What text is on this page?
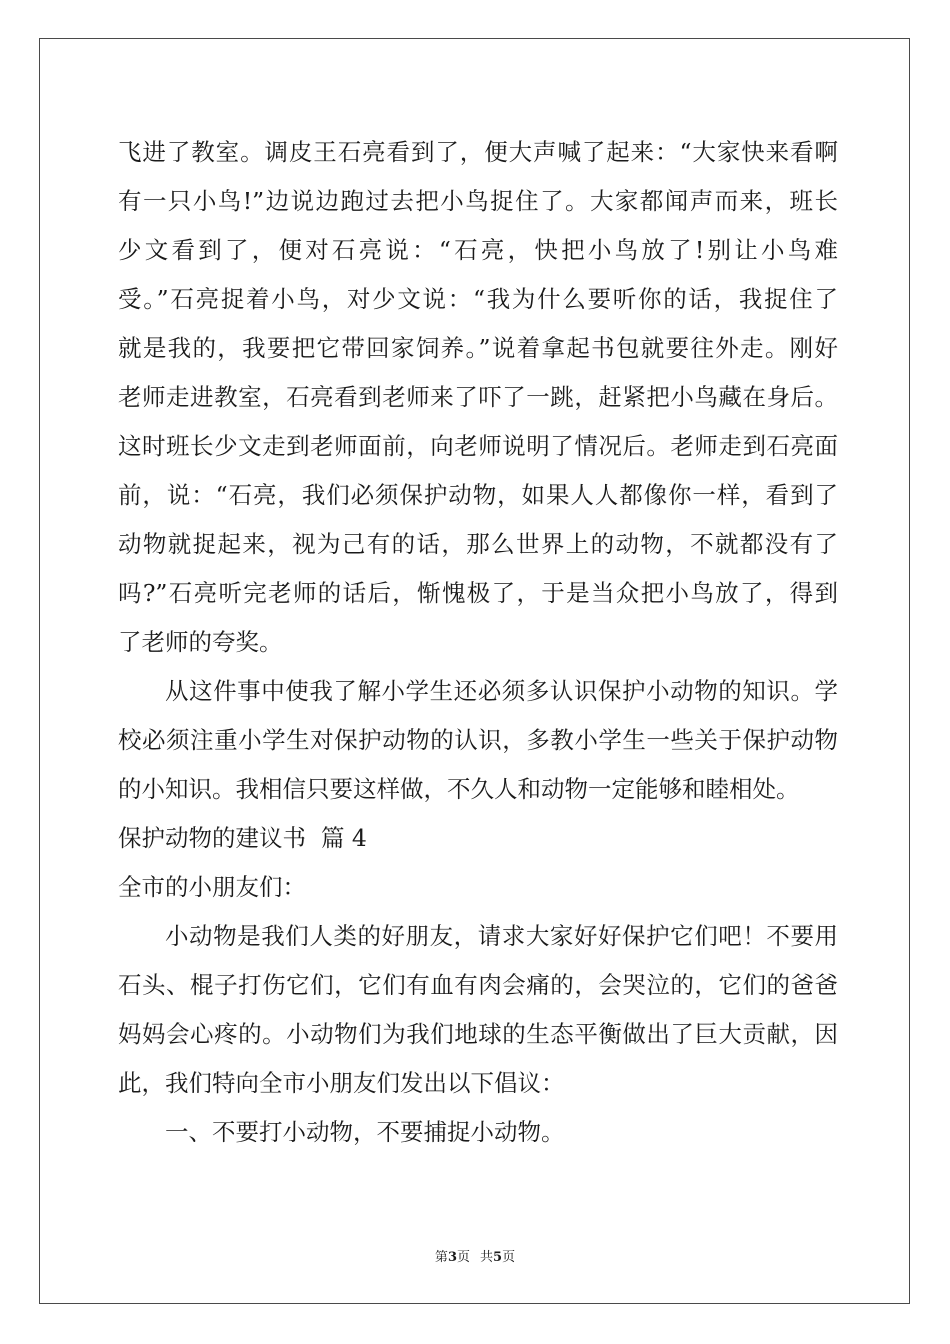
飞进了教室。调皮王石亮看到了，便大声喊了起来：“大家快来看啊
有一只小鸟!”边说边跑过去把小鸟捉住了。大家都闻声而来，班长
少文看到了，便对石亮说：“石亮，快把小鸟放了!别让小鸟难
受。”石亮捉着小鸟，对少文说：“我为什么要听你的话，我捉住了
就是我的，我要把它带回家饲养。”说着拿起书包就要往外走。刚好
老师走进教室，石亮看到老师来了吓了一跳，赶紧把小鸟藏在身后。
这时班长少文走到老师面前，向老师说明了情况后。老师走到石亮面
前，说：“石亮，我们必须保护动物，如果人人都像你一样，看到了
动物就捉起来，视为己有的话，那么世界上的动物，不就都没有了
吗?”石亮听完老师的话后，惭愧极了，于是当众把小鸟放了，得到
了老师的夸奖。
从这件事中使我了解小学生还必须多认识保护小动物的知识。学
校必须注重小学生对保护动物的认识，多教小学生一些关于保护动物
的小知识。我相信只要这样做，不久人和动物一定能够和睦相处。
保护动物的建议书  篇 4
全市的小朋友们：
小动物是我们人类的好朋友，请求大家好好保护它们吧！不要用
石头、棍子打伤它们，它们有血有肉会痛的，会哭泣的，它们的爸爸
妈妈会心疼的。小动物们为我们地球的生态平衡做出了巨大贡献，因
此，我们特向全市小朋友们发出以下倡议：
一、不要打小动物，不要捕捉小动物。
第3页 共5页
